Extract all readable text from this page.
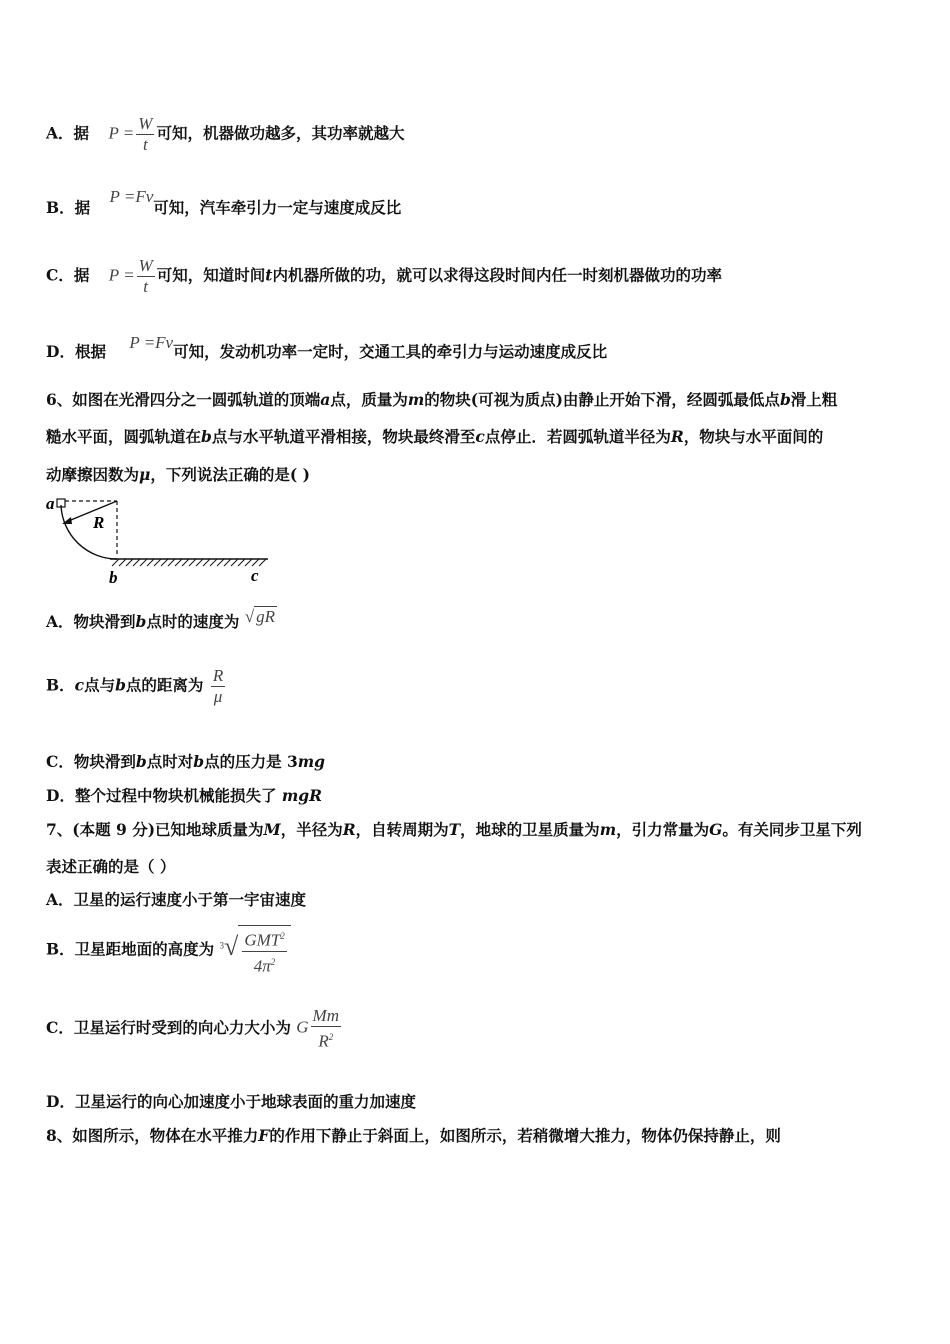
A．据 $P = \frac{W}{t}$ 可知，机器做功越多，其功率就越大
B．据 P =Fv可知，汽车牵引力一定与速度成反比
C．据 $P = \frac{W}{t}$ 可知，知道时间t内机器所做的功，就可以求得这段时间内任一时刻机器做功的功率
D．根据 P =Fv可知，发动机功率一定时，交通工具的牵引力与运动速度成反比
6、如图在光滑四分之一圆弧轨道的顶端a点，质量为m的物块(可视为质点)由静止开始下滑，经圆弧最低点b滑上粗
糙水平面，圆弧轨道在b点与水平轨道平滑相接，物块最终滑至c点停止．若圆弧轨道半径为R，物块与水平面间的
动摩擦因数为μ，下列说法正确的是( )
a
R
b	c
A．物块滑到b点时的速度为 √ gR
B．c点与b点的距离为 $\frac{R}{\mu}$
C．物块滑到b点时对b点的压力是 3mg
D．整个过程中物块机械能损失了 mgR
7、(本题 9 分)已知地球质量为M，半径为R，自转周期为T，地球的卫星质量为m，引力常量为G。有关同步卫星下列
表述正确的是（ ）
A．卫星的运行速度小于第一宇宙速度
B．卫星距地面的高度为 $^3√ \frac{GMT^2}{4\pi^2}$
C．卫星运行时受到的向心力大小为 G $\frac{Mm}{R^2}$
D．卫星运行的向心加速度小于地球表面的重力加速度
8、如图所示，物体在水平推力F的作用下静止于斜面上，如图所示，若稍微增大推力，物体仍保持静止，则
